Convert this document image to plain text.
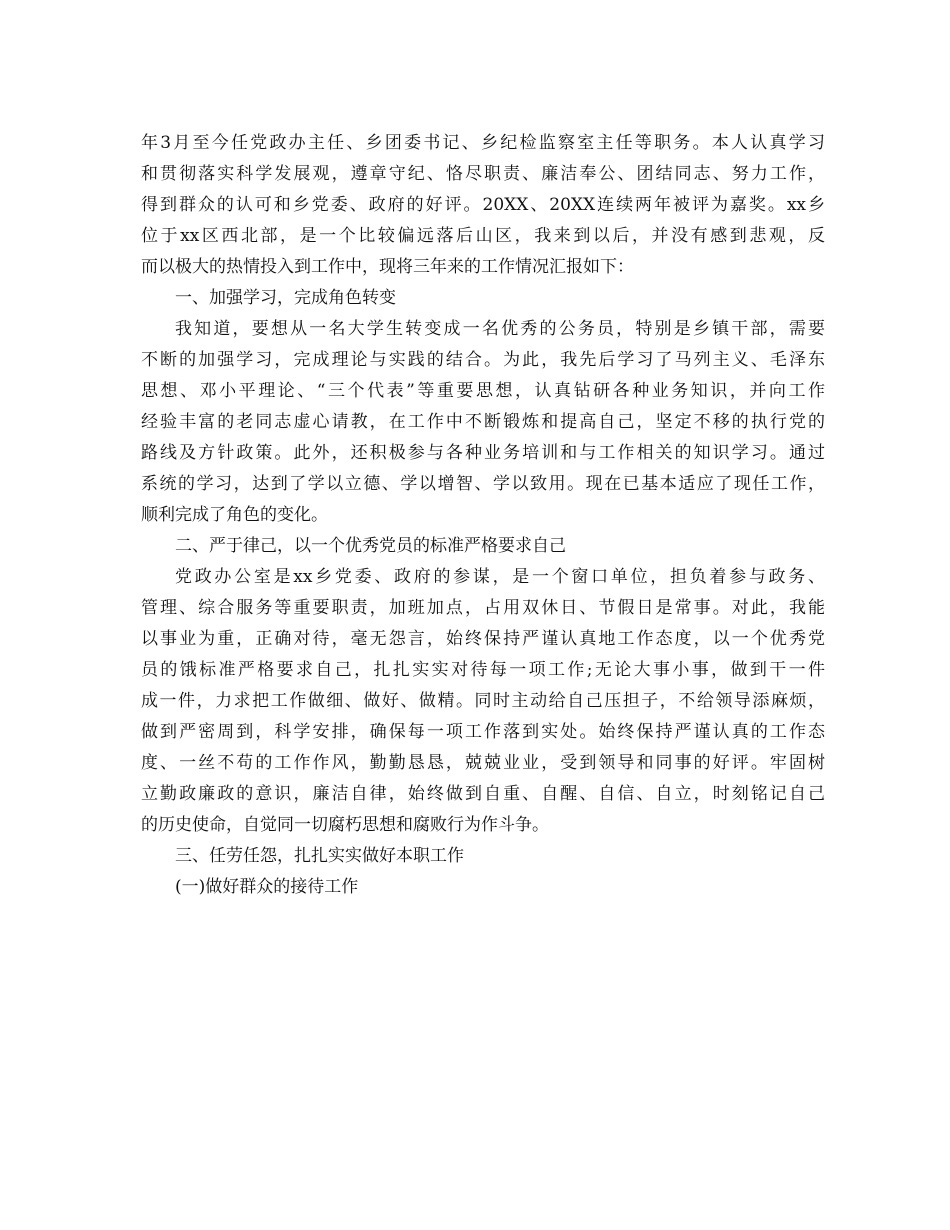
年3月至今任党政办主任、乡团委书记、乡纪检监察室主任等职务。本人认真学习
和贯彻落实科学发展观，遵章守纪、恪尽职责、廉洁奉公、团结同志、努力工作，
得到群众的认可和乡党委、政府的好评。20XX、20XX连续两年被评为嘉奖。xx乡
位于xx区西北部，是一个比较偏远落后山区，我来到以后，并没有感到悲观，反
而以极大的热情投入到工作中，现将三年来的工作情况汇报如下：
一、加强学习，完成角色转变
我知道，要想从一名大学生转变成一名优秀的公务员，特别是乡镇干部，需要
不断的加强学习，完成理论与实践的结合。为此，我先后学习了马列主义、毛泽东
思想、邓小平理论、“三个代表”等重要思想，认真钻研各种业务知识，并向工作
经验丰富的老同志虚心请教，在工作中不断锻炼和提高自己，坚定不移的执行党的
路线及方针政策。此外，还积极参与各种业务培训和与工作相关的知识学习。通过
系统的学习，达到了学以立德、学以增智、学以致用。现在已基本适应了现任工作，
顺利完成了角色的变化。
二、严于律己，以一个优秀党员的标准严格要求自己
党政办公室是xx乡党委、政府的参谋，是一个窗口单位，担负着参与政务、
管理、综合服务等重要职责，加班加点，占用双休日、节假日是常事。对此，我能
以事业为重，正确对待，毫无怨言，始终保持严谨认真地工作态度，以一个优秀党
员的饿标准严格要求自己，扎扎实实对待每一项工作;无论大事小事，做到干一件
成一件，力求把工作做细、做好、做精。同时主动给自己压担子，不给领导添麻烦，
做到严密周到，科学安排，确保每一项工作落到实处。始终保持严谨认真的工作态
度、一丝不苟的工作作风，勤勤恳恳，兢兢业业，受到领导和同事的好评。牢固树
立勤政廉政的意识，廉洁自律，始终做到自重、自醒、自信、自立，时刻铭记自己
的历史使命，自觉同一切腐朽思想和腐败行为作斗争。
三、任劳任怨，扎扎实实做好本职工作
(一)做好群众的接待工作
